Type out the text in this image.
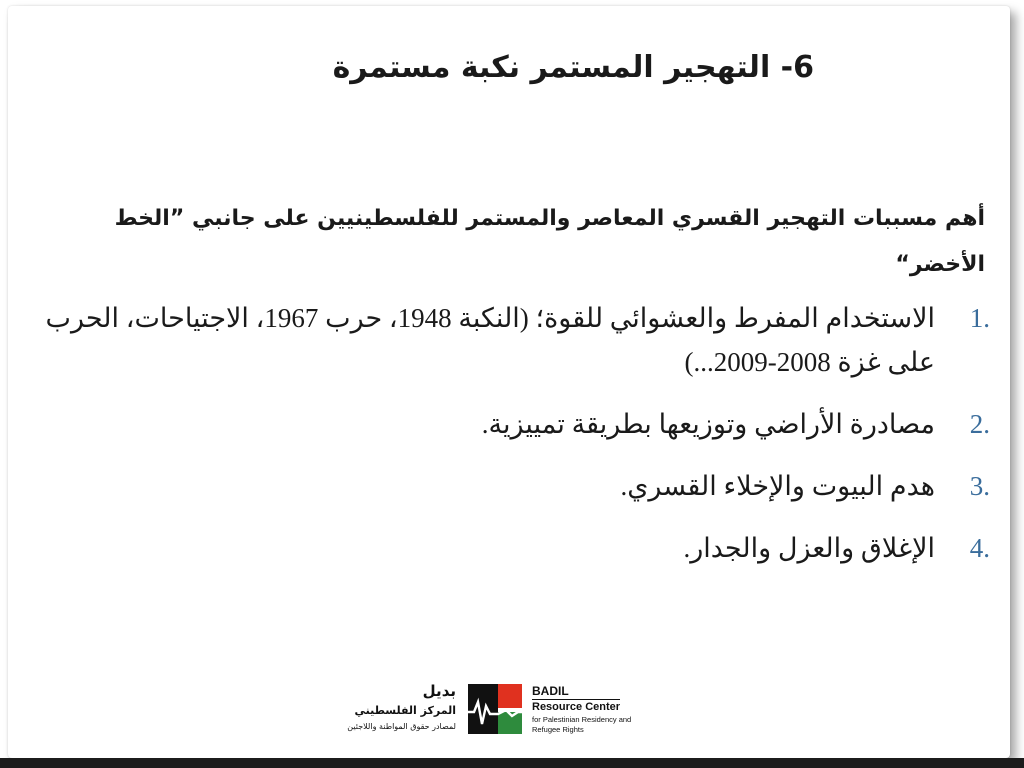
6- التهجير المستمر نكبة مستمرة
أهم مسببات التهجير القسري المعاصر والمستمر للفلسطينيين على جانبي ”الخط الأخضر“
1.
الاستخدام المفرط والعشوائي للقوة؛ (النكبة 1948، حرب 1967، الاجتياحات، الحرب على غزة 2008-2009...)
2.
مصادرة الأراضي وتوزيعها بطريقة تمييزية.
3.
هدم البيوت والإخلاء القسري.
4.
الإغلاق والعزل والجدار.
بديل
المركز الفلسطيني
لمصادر حقوق المواطنة واللاجئين
BADIL
Resource Center
for Palestinian Residency and
Refugee Rights
